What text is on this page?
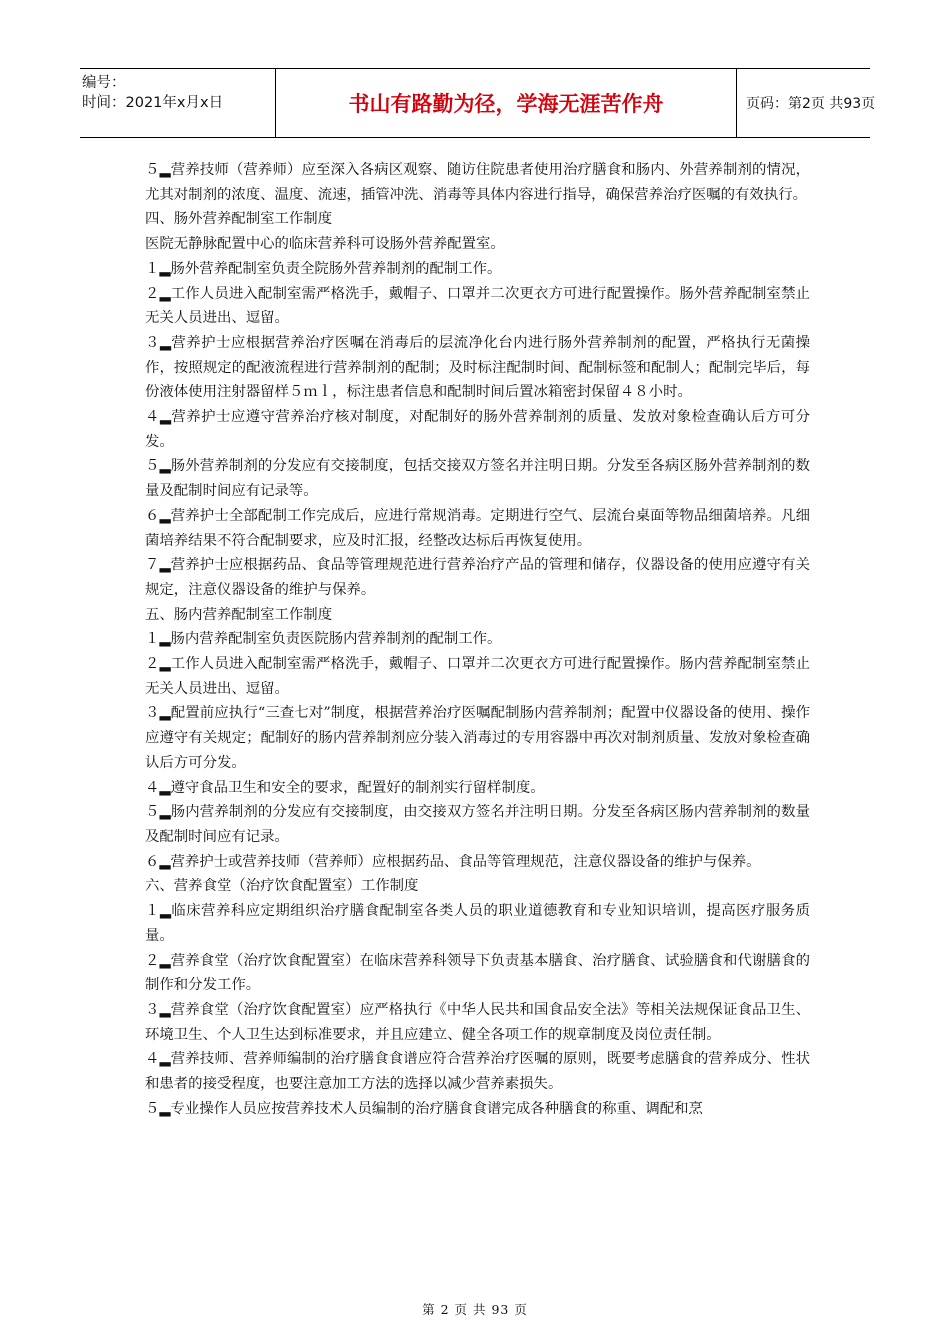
编号：
时间：2021年x月x日	书山有路勤为径，学海无涯苦作舟	页码：第2页 共93页

５▂营养技师（营养师）应至深入各病区观察、随访住院患者使用治疗膳食和肠内、外营养制剂的情况，尤其对制剂的浓度、温度、流速，插管冲洗、消毒等具体内容进行指导，确保营养治疗医嘱的有效执行。

四、肠外营养配制室工作制度

医院无静脉配置中心的临床营养科可设肠外营养配置室。

１▂肠外营养配制室负责全院肠外营养制剂的配制工作。

２▂工作人员进入配制室需严格洗手，戴帽子、口罩并二次更衣方可进行配置操作。肠外营养配制室禁止无关人员进出、逗留。

３▂营养护士应根据营养治疗医嘱在消毒后的层流净化台内进行肠外营养制剂的配置，严格执行无菌操作，按照规定的配液流程进行营养制剂的配制；及时标注配制时间、配制标签和配制人；配制完毕后，每份液体使用注射器留样５ｍｌ，标注患者信息和配制时间后置冰箱密封保留４８小时。

４▂营养护士应遵守营养治疗核对制度，对配制好的肠外营养制剂的质量、发放对象检查确认后方可分发。

５▂肠外营养制剂的分发应有交接制度，包括交接双方签名并注明日期。分发至各病区肠外营养制剂的数量及配制时间应有记录等。

６▂营养护士全部配制工作完成后，应进行常规消毒。定期进行空气、层流台桌面等物品细菌培养。凡细菌培养结果不符合配制要求，应及时汇报，经整改达标后再恢复使用。

７▂营养护士应根据药品、食品等管理规范进行营养治疗产品的管理和储存，仪器设备的使用应遵守有关规定，注意仪器设备的维护与保养。

五、肠内营养配制室工作制度

１▂肠内营养配制室负责医院肠内营养制剂的配制工作。

２▂工作人员进入配制室需严格洗手，戴帽子、口罩并二次更衣方可进行配置操作。肠内营养配制室禁止无关人员进出、逗留。

３▂配置前应执行“三查七对”制度，根据营养治疗医嘱配制肠内营养制剂；配置中仪器设备的使用、操作应遵守有关规定；配制好的肠内营养制剂应分装入消毒过的专用容器中再次对制剂质量、发放对象检查确认后方可分发。

４▂遵守食品卫生和安全的要求，配置好的制剂实行留样制度。

５▂肠内营养制剂的分发应有交接制度，由交接双方签名并注明日期。分发至各病区肠内营养制剂的数量及配制时间应有记录。

６▂营养护士或营养技师（营养师）应根据药品、食品等管理规范，注意仪器设备的维护与保养。

六、营养食堂（治疗饮食配置室）工作制度

１▂临床营养科应定期组织治疗膳食配制室各类人员的职业道德教育和专业知识培训，提高医疗服务质量。

２▂营养食堂（治疗饮食配置室）在临床营养科领导下负责基本膳食、治疗膳食、试验膳食和代谢膳食的制作和分发工作。

３▂营养食堂（治疗饮食配置室）应严格执行《中华人民共和国食品安全法》等相关法规保证食品卫生、环境卫生、个人卫生达到标准要求，并且应建立、健全各项工作的规章制度及岗位责任制。

４▂营养技师、营养师编制的治疗膳食食谱应符合营养治疗医嘱的原则，既要考虑膳食的营养成分、性状和患者的接受程度，也要注意加工方法的选择以减少营养素损失。

５▂专业操作人员应按营养技术人员编制的治疗膳食食谱完成各种膳食的称重、调配和烹

第 2 页 共 93 页
